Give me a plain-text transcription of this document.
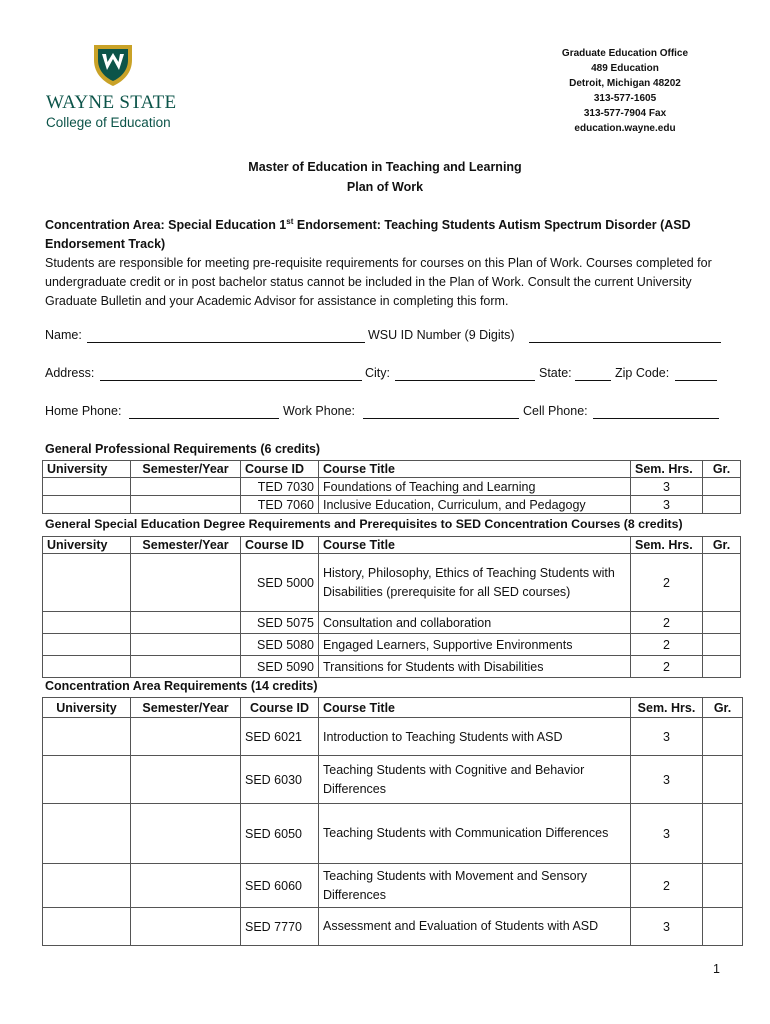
WAYNE STATE
College of Education
Graduate Education Office
489 Education
Detroit, Michigan 48202
313-577-1605
313-577-7904 Fax
education.wayne.edu
Master of Education in Teaching and Learning
Plan of Work
Concentration Area: Special Education 1st Endorsement: Teaching Students Autism Spectrum Disorder (ASD Endorsement Track)
Students are responsible for meeting pre-requisite requirements for courses on this Plan of Work. Courses completed for undergraduate credit or in post bachelor status cannot be included in the Plan of Work. Consult the current University Graduate Bulletin and your Academic Advisor for assistance in completing this form.
Name:	WSU ID Number (9 Digits)
Address:	City:	State:	Zip Code:
Home Phone:	Work Phone:	Cell Phone:
General Professional Requirements (6 credits)
University	Semester/Year	Course ID	Course Title	Sem. Hrs.	Gr.
		TED 7030	Foundations of Teaching and Learning	3	
		TED 7060	Inclusive Education, Curriculum, and Pedagogy	3	
General Special Education Degree Requirements and Prerequisites to SED Concentration Courses (8 credits)
University	Semester/Year	Course ID	Course Title	Sem. Hrs.	Gr.
		SED 5000	History, Philosophy, Ethics of Teaching Students with Disabilities (prerequisite for all SED courses)	2	
		SED 5075	Consultation and collaboration	2	
		SED 5080	Engaged Learners, Supportive Environments	2	
		SED 5090	Transitions for Students with Disabilities	2	
Concentration Area Requirements (14 credits)
University	Semester/Year	Course ID	Course Title	Sem. Hrs.	Gr.
		SED 6021	Introduction to Teaching Students with ASD	3	
		SED 6030	Teaching Students with Cognitive and Behavior Differences	3	
		SED 6050	Teaching Students with Communication Differences	3	
		SED 6060	Teaching Students with Movement and Sensory Differences	2	
		SED 7770	Assessment and Evaluation of Students with ASD	3	
1
